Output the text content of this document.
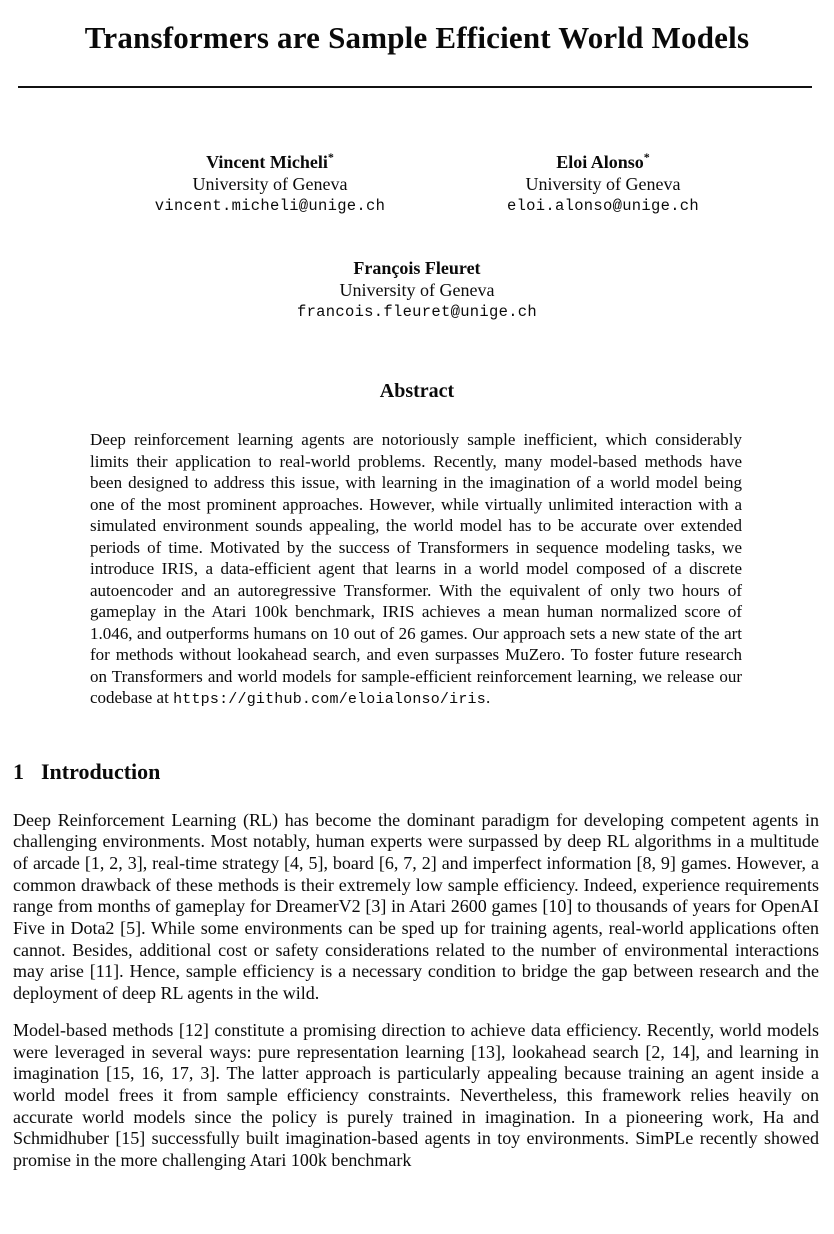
Transformers are Sample Efficient World Models
Vincent Micheli*
University of Geneva
vincent.micheli@unige.ch
Eloi Alonso*
University of Geneva
eloi.alonso@unige.ch
François Fleuret
University of Geneva
francois.fleuret@unige.ch
Abstract

Deep reinforcement learning agents are notoriously sample inefficient, which considerably limits their application to real-world problems. Recently, many model-based methods have been designed to address this issue, with learning in the imagination of a world model being one of the most prominent approaches. However, while virtually unlimited interaction with a simulated environment sounds appealing, the world model has to be accurate over extended periods of time. Motivated by the success of Transformers in sequence modeling tasks, we introduce IRIS, a data-efficient agent that learns in a world model composed of a discrete autoencoder and an autoregressive Transformer. With the equivalent of only two hours of gameplay in the Atari 100k benchmark, IRIS achieves a mean human normalized score of 1.046, and outperforms humans on 10 out of 26 games. Our approach sets a new state of the art for methods without lookahead search, and even surpasses MuZero. To foster future research on Transformers and world models for sample-efficient reinforcement learning, we release our codebase at https://github.com/eloialonso/iris.

1 Introduction

Deep Reinforcement Learning (RL) has become the dominant paradigm for developing competent agents in challenging environments. Most notably, human experts were surpassed by deep RL algorithms in a multitude of arcade [1, 2, 3], real-time strategy [4, 5], board [6, 7, 2] and imperfect information [8, 9] games. However, a common drawback of these methods is their extremely low sample efficiency. Indeed, experience requirements range from months of gameplay for DreamerV2 [3] in Atari 2600 games [10] to thousands of years for OpenAI Five in Dota2 [5]. While some environments can be sped up for training agents, real-world applications often cannot. Besides, additional cost or safety considerations related to the number of environmental interactions may arise [11]. Hence, sample efficiency is a necessary condition to bridge the gap between research and the deployment of deep RL agents in the wild.

Model-based methods [12] constitute a promising direction to achieve data efficiency. Recently, world models were leveraged in several ways: pure representation learning [13], lookahead search [2, 14], and learning in imagination [15, 16, 17, 3]. The latter approach is particularly appealing because training an agent inside a world model frees it from sample efficiency constraints. Nevertheless, this framework relies heavily on accurate world models since the policy is purely trained in imagination. In a pioneering work, Ha and Schmidhuber [15] successfully built imagination-based agents in toy environments. SimPLe recently showed promise in the more challenging Atari 100k benchmark
